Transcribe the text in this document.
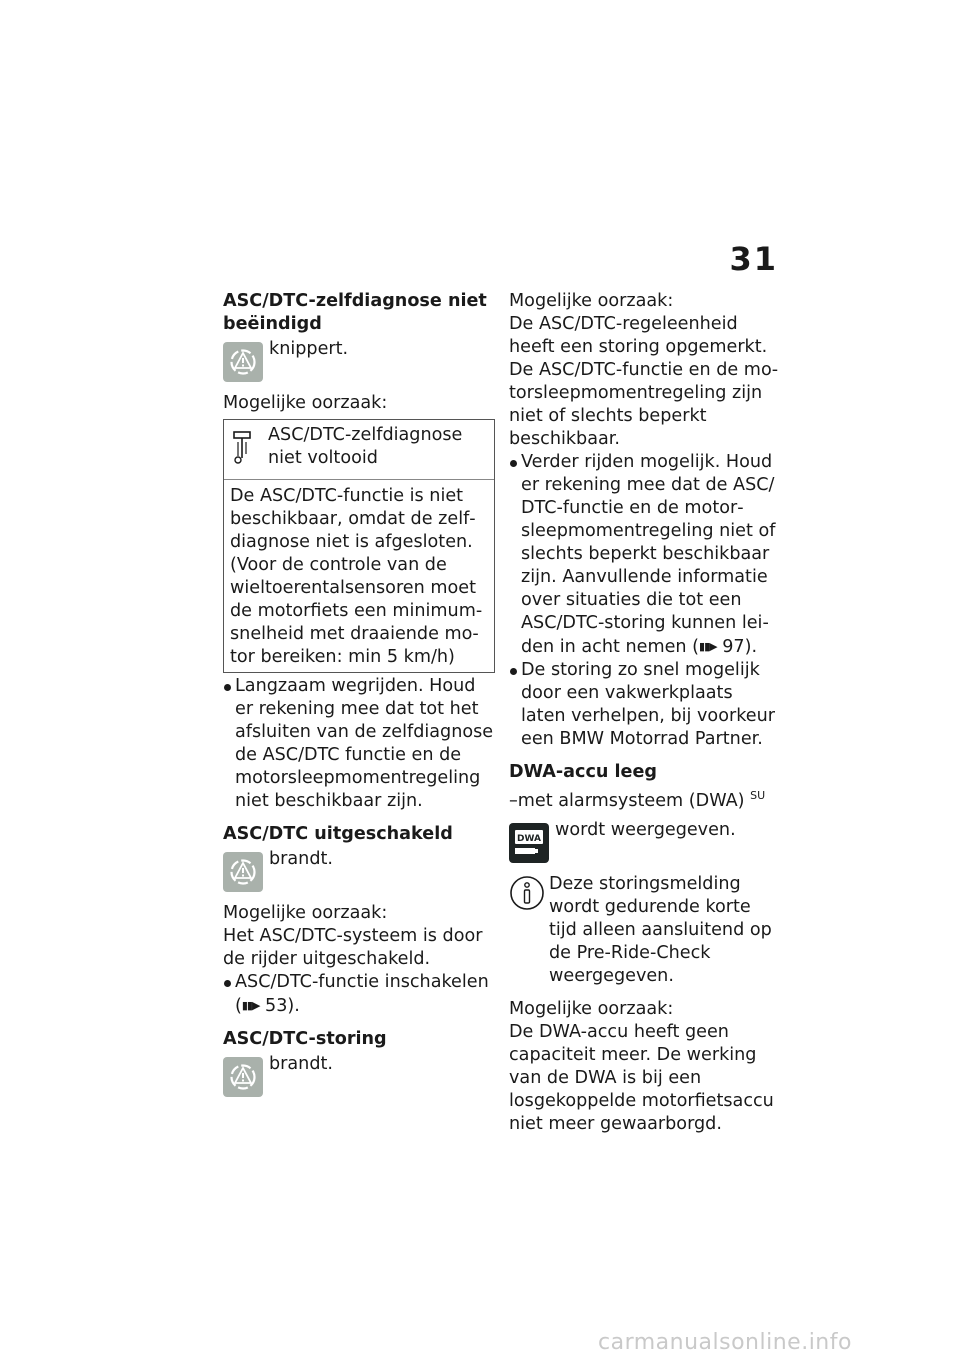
31
ASC/DTC-zelfdiagnose niet beëindigd
knippert.
Mogelijke oorzaak:
ASC/DTC-zelfdiagnose niet voltooid
De ASC/DTC-functie is niet beschikbaar, omdat de zelfdiagnose niet is afgesloten. (Voor de controle van de wieltoerentalsensoren moet de motorfiets een minimumsnelheid met draaiende motor bereiken: min 5 km/h)
Langzaam wegrijden. Houd er rekening mee dat tot het afsluiten van de zelfdiagnose de ASC/DTC functie en de motorsleepmomentregeling niet beschikbaar zijn.
ASC/DTC uitgeschakeld
brandt.
Mogelijke oorzaak:
Het ASC/DTC-systeem is door de rijder uitgeschakeld.
ASC/DTC-functie inschakelen
(▮▮▶ 53).
ASC/DTC-storing
brandt.
Mogelijke oorzaak:
De ASC/DTC-regeleenheid heeft een storing opgemerkt. De ASC/DTC-functie en de motorsleepmomentregeling zijn niet of slechts beperkt beschikbaar.
Verder rijden mogelijk. Houd er rekening mee dat de ASC/ DTC-functie en de motorsleepmomentregeling niet of slechts beperkt beschikbaar zijn. Aanvullende informatie over situaties die tot een ASC/DTC-storing kunnen leiden in acht nemen (▮▮▶ 97).
De storing zo snel mogelijk door een vakwerkplaats laten verhelpen, bij voorkeur een BMW Motorrad Partner.
DWA-accu leeg
–met alarmsysteem (DWA) $^{SU}$
DWA wordt weergegeven.
Deze storingsmelding wordt gedurende korte tijd alleen aansluitend op de Pre-Ride-Check weergegeven.
Mogelijke oorzaak:
De DWA-accu heeft geen capaciteit meer. De werking van de DWA is bij een losgekoppelde motorfietsaccu niet meer gewaarborgd.
carmanualsonline.info
